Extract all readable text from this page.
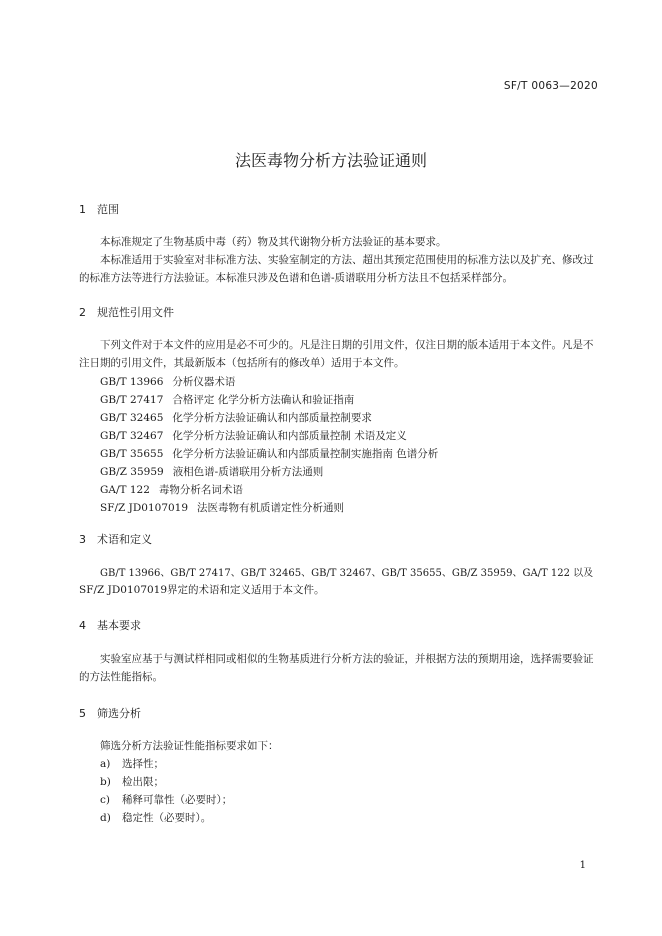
SF/T 0063—2020
法医毒物分析方法验证通则
1 范围

本标准规定了生物基质中毒（药）物及其代谢物分析方法验证的基本要求。

本标准适用于实验室对非标准方法、实验室制定的方法、超出其预定范围使用的标准方法以及扩充、修改过的标准方法等进行方法验证。本标准只涉及色谱和色谱-质谱联用分析方法且不包括采样部分。

2 规范性引用文件

下列文件对于本文件的应用是必不可少的。凡是注日期的引用文件，仅注日期的版本适用于本文件。凡是不注日期的引用文件，其最新版本（包括所有的修改单）适用于本文件。

GB/T 13966 分析仪器术语
GB/T 27417 合格评定 化学分析方法确认和验证指南
GB/T 32465 化学分析方法验证确认和内部质量控制要求
GB/T 32467 化学分析方法验证确认和内部质量控制 术语及定义
GB/T 35655 化学分析方法验证确认和内部质量控制实施指南 色谱分析
GB/Z 35959 液相色谱-质谱联用分析方法通则
GA/T 122 毒物分析名词术语
SF/Z JD0107019 法医毒物有机质谱定性分析通则
3 术语和定义
GB/T 13966、GB/T 27417、GB/T 32465、GB/T 32467、GB/T 35655、GB/Z 35959、GA/T 122 以及
SF/Z JD0107019界定的术语和定义适用于本文件。
4 基本要求

实验室应基于与测试样相同或相似的生物基质进行分析方法的验证，并根据方法的预期用途，选择需要验证的方法性能指标。

5 筛选分析
筛选分析方法验证性能指标要求如下：
a) 选择性；
b) 检出限；
c) 稀释可靠性（必要时）；
d) 稳定性（必要时）。
1
